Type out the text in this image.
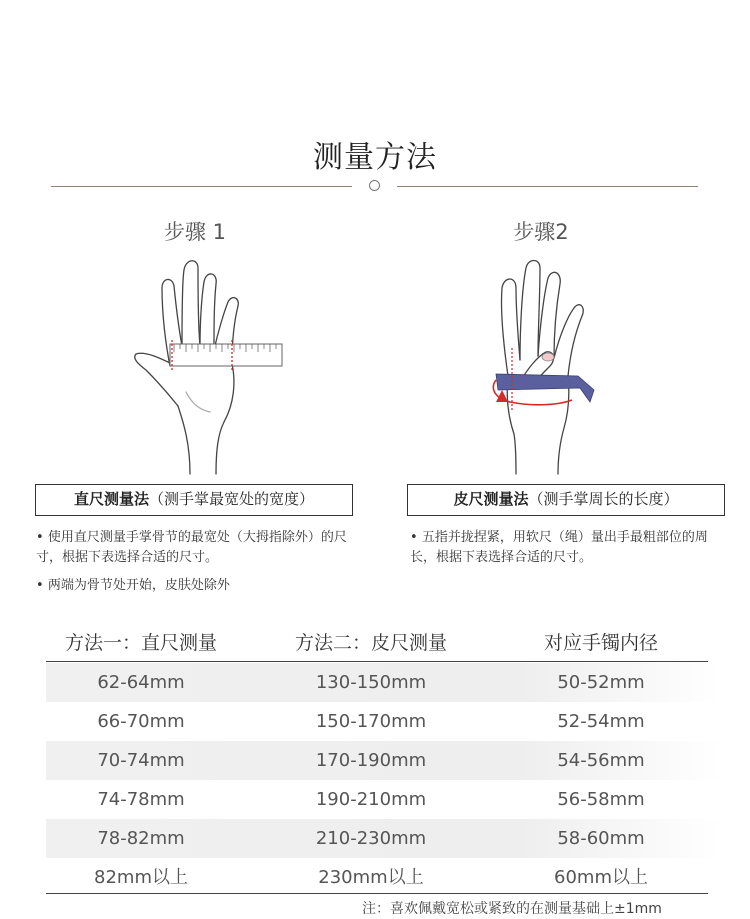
测量方法
步骤 1	步骤2
直尺测量法（测手掌最宽处的宽度）	皮尺测量法（测手掌周长的长度）
• 使用直尺测量手掌骨节的最宽处（大拇指除外）的尺寸，根据下表选择合适的尺寸。
• 两端为骨节处开始，皮肤处除外
• 五指并拢捏紧，用软尺（绳）量出手最粗部位的周长，根据下表选择合适的尺寸。
方法一：直尺测量	方法二：皮尺测量	对应手镯内径
62-64mm	130-150mm	50-52mm
66-70mm	150-170mm	52-54mm
70-74mm	170-190mm	54-56mm
74-78mm	190-210mm	56-58mm
78-82mm	210-230mm	58-60mm
82mm以上	230mm以上	60mm以上
注：喜欢佩戴宽松或紧致的在测量基础上±1mm
